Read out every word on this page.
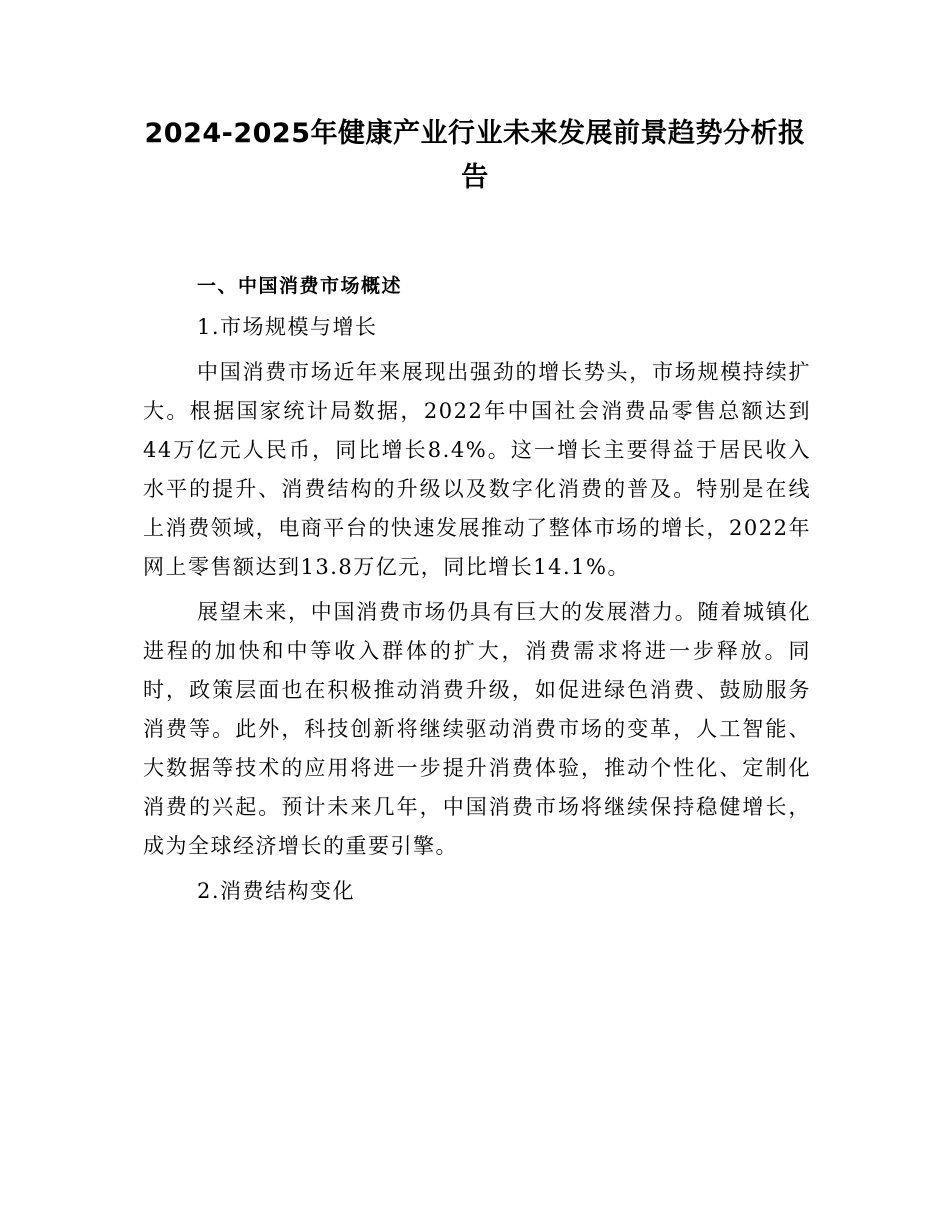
2024-2025年健康产业行业未来发展前景趋势分析报告
一、中国消费市场概述
1.市场规模与增长

中国消费市场近年来展现出强劲的增长势头，市场规模持续扩大。根据国家统计局数据，2022年中国社会消费品零售总额达到44万亿元人民币，同比增长8.4%。这一增长主要得益于居民收入水平的提升、消费结构的升级以及数字化消费的普及。特别是在线上消费领域，电商平台的快速发展推动了整体市场的增长，2022年网上零售额达到13.8万亿元，同比增长14.1%。

展望未来，中国消费市场仍具有巨大的发展潜力。随着城镇化进程的加快和中等收入群体的扩大，消费需求将进一步释放。同时，政策层面也在积极推动消费升级，如促进绿色消费、鼓励服务消费等。此外，科技创新将继续驱动消费市场的变革，人工智能、大数据等技术的应用将进一步提升消费体验，推动个性化、定制化消费的兴起。预计未来几年，中国消费市场将继续保持稳健增长，成为全球经济增长的重要引擎。

2.消费结构变化
